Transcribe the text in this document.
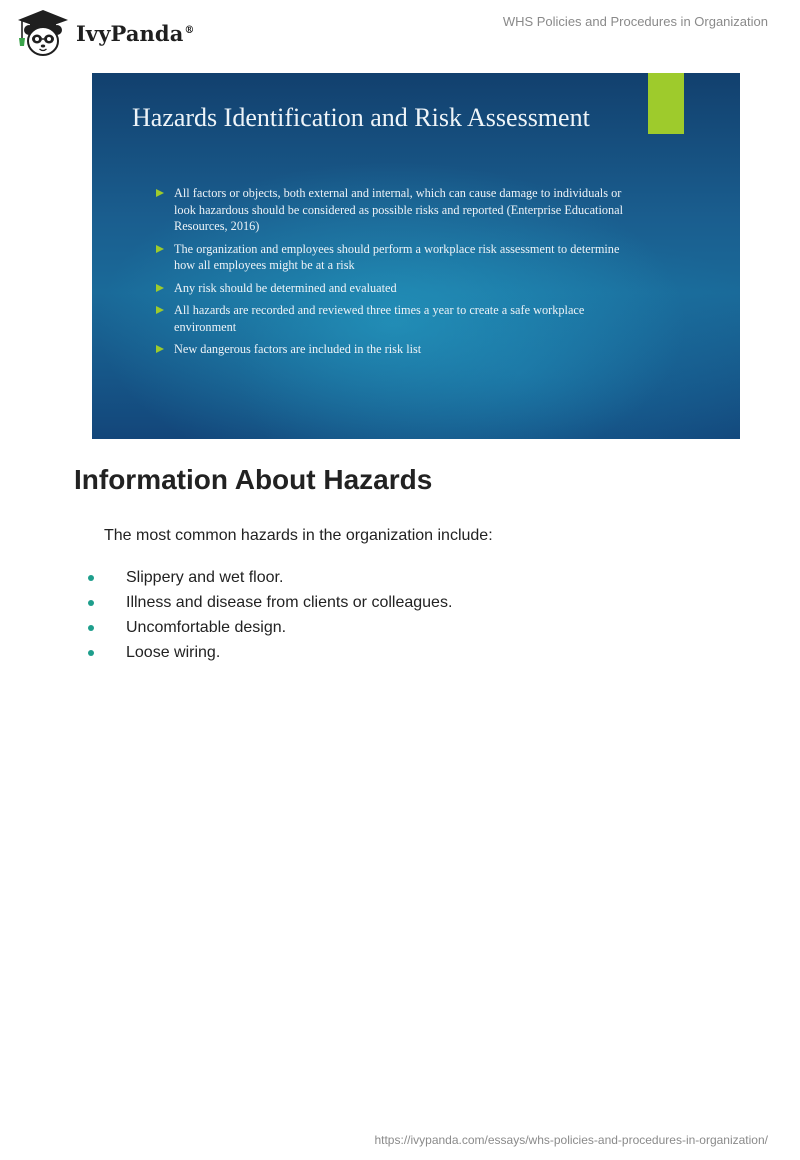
IvyPanda®
WHS Policies and Procedures in Organization
Hazards Identification and Risk Assessment
All factors or objects, both external and internal, which can cause damage to individuals or look hazardous should be considered as possible risks and reported (Enterprise Educational Resources, 2016)
The organization and employees should perform a workplace risk assessment to determine how all employees might be at a risk
Any risk should be determined and evaluated
All hazards are recorded and reviewed three times a year to create a safe workplace environment
New dangerous factors are included in the risk list
Information About Hazards

The most common hazards in the organization include:

Slippery and wet floor.
Illness and disease from clients or colleagues.
Uncomfortable design.
Loose wiring.
https://ivypanda.com/essays/whs-policies-and-procedures-in-organization/
